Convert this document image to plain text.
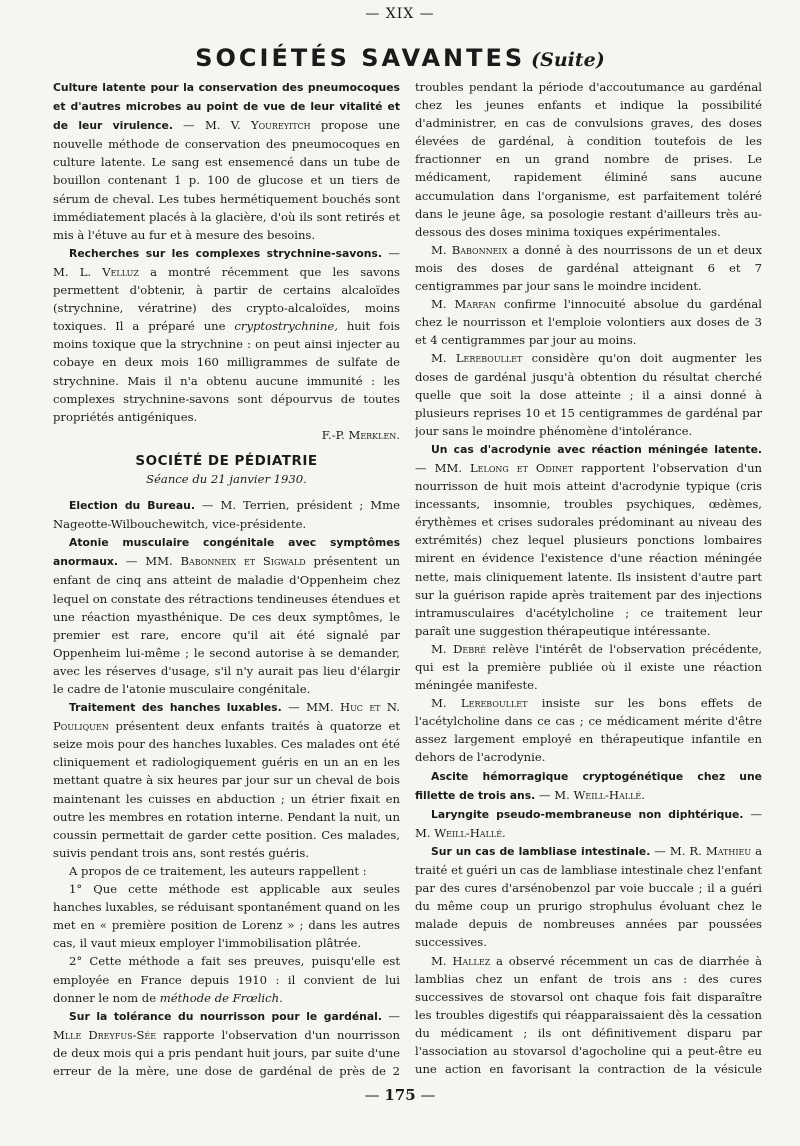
— XIX —
SOCIÉTÉS SAVANTES (Suite)

Culture latente pour la conservation des pneumocoques et d'autres microbes au point de vue de leur vitalité et de leur virulence. — M. V. Youreyitch propose une nouvelle méthode de conservation des pneumocoques en culture latente. Le sang est ensemencé dans un tube de bouillon contenant 1 p. 100 de glucose et un tiers de sérum de cheval. Les tubes hermétiquement bouchés sont immédiatement placés à la glacière, d'où ils sont retirés et mis à l'étuve au fur et à mesure des besoins.

Recherches sur les complexes strychnine-savons. — M. L. Velluz a montré récemment que les savons permettent d'obtenir, à partir de certains alcaloïdes (strychnine, vératrine) des crypto-alcaloïdes, moins toxiques. Il a préparé une cryptostrychnine, huit fois moins toxique que la strychnine : on peut ainsi injecter au cobaye en deux mois 160 milligrammes de sulfate de strychnine. Mais il n'a obtenu aucune immunité : les complexes strychnine-savons sont dépourvus de toutes propriétés antigéniques.

F.-P. Merklen.

SOCIÉTÉ DE PÉDIATRIE
Séance du 21 janvier 1930.

Election du Bureau. — M. Terrien, président ; Mme Nageotte-Wilbouchewitch, vice-présidente.

Atonie musculaire congénitale avec symptômes anormaux. — MM. Babonneix et Sigwald présentent un enfant de cinq ans atteint de maladie d'Oppenheim chez lequel on constate des rétractions tendineuses étendues et une réaction myasthénique. De ces deux symptômes, le premier est rare, encore qu'il ait été signalé par Oppenheim lui-même ; le second autorise à se demander, avec les réserves d'usage, s'il n'y aurait pas lieu d'élargir le cadre de l'atonie musculaire congénitale.

Traitement des hanches luxables. — MM. Huc et N. Pouliquen présentent deux enfants traités à quatorze et seize mois pour des hanches luxables. Ces malades ont été cliniquement et radiologiquement guéris en un an en les mettant quatre à six heures par jour sur un cheval de bois maintenant les cuisses en abduction ; un étrier fixait en outre les membres en rotation interne. Pendant la nuit, un coussin permettait de garder cette position. Ces malades, suivis pendant trois ans, sont restés guéris.

A propos de ce traitement, les auteurs rappellent :

1° Que cette méthode est applicable aux seules hanches luxables, se réduisant spontanément quand on les met en « première position de Lorenz » ; dans les autres cas, il vaut mieux employer l'immobilisation plâtrée.

2° Cette méthode a fait ses preuves, puisqu'elle est employée en France depuis 1910 : il convient de lui donner le nom de méthode de Frœlich.

Sur la tolérance du nourrisson pour le gardénal. — Mlle Dreyfus-Sée rapporte l'observation d'un nourrisson de deux mois qui a pris pendant huit jours, par suite d'une erreur de la mère, une dose de gardénal de près de 2

troubles pendant la période d'accoutumance au gardénal chez les jeunes enfants et indique la possibilité d'administrer, en cas de convulsions graves, des doses élevées de gardénal, à condition toutefois de les fractionner en un grand nombre de prises. Le médicament, rapidement éliminé sans aucune accumulation dans l'organisme, est parfaitement toléré dans le jeune âge, sa posologie restant d'ailleurs très au-dessous des doses minima toxiques expérimentales.

M. Babonneix a donné à des nourrissons de un et deux mois des doses de gardénal atteignant 6 et 7 centigrammes par jour sans le moindre incident.

M. Marfan confirme l'innocuité absolue du gardénal chez le nourrisson et l'emploie volontiers aux doses de 3 et 4 centigrammes par jour au moins.

M. Lereboullet considère qu'on doit augmenter les doses de gardénal jusqu'à obtention du résultat cherché quelle que soit la dose atteinte ; il a ainsi donné à plusieurs reprises 10 et 15 centigrammes de gardénal par jour sans le moindre phénomène d'intolérance.

Un cas d'acrodynie avec réaction méningée latente. — MM. Lelong et Odinet rapportent l'observation d'un nourrisson de huit mois atteint d'acrodynie typique (cris incessants, insomnie, troubles psychiques, œdèmes, érythèmes et crises sudorales prédominant au niveau des extrémités) chez lequel plusieurs ponctions lombaires mirent en évidence l'existence d'une réaction méningée nette, mais cliniquement latente. Ils insistent d'autre part sur la guérison rapide après traitement par des injections intramusculaires d'acétylcholine ; ce traitement leur paraît une suggestion thérapeutique intéressante.

M. Debré relève l'intérêt de l'observation précédente, qui est la première publiée où il existe une réaction méningée manifeste.

M. Lereboullet insiste sur les bons effets de l'acétylcholine dans ce cas ; ce médicament mérite d'être assez largement employé en thérapeutique infantile en dehors de l'acrodynie.

Ascite hémorragique cryptogénétique chez une fillette de trois ans. — M. Weill-Hallé.

Laryngite pseudo-membraneuse non diphtérique. — M. Weill-Hallé.

Sur un cas de lambliase intestinale. — M. R. Mathieu a traité et guéri un cas de lambliase intestinale chez l'enfant par des cures d'arsénobenzol par voie buccale ; il a guéri du même coup un prurigo strophulus évoluant chez le malade depuis de nombreuses années par poussées successives.

M. Hallez a observé récemment un cas de diarrhée à lamblias chez un enfant de trois ans : des cures successives de stovarsol ont chaque fois fait disparaître les troubles digestifs qui réapparaissaient dès la cessation du médicament ; ils ont définitivement disparu par l'association au stovarsol d'agocholine qui a peut-être eu une action en favorisant la contraction de la vésicule

— 175 —
